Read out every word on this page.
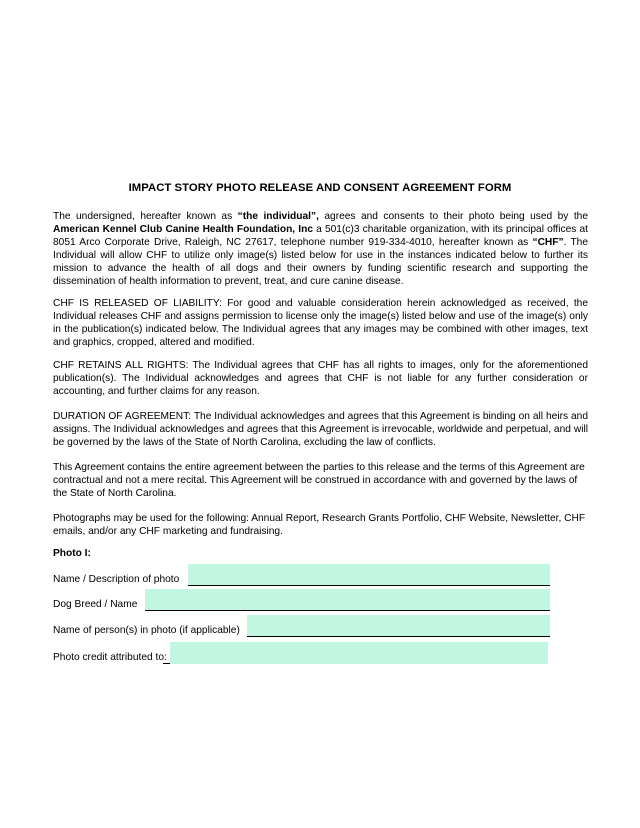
IMPACT STORY PHOTO RELEASE AND CONSENT AGREEMENT FORM

The undersigned, hereafter known as “the individual”, agrees and consents to their photo being used by the American Kennel Club Canine Health Foundation, Inc a 501(c)3 charitable organization, with its principal offices at 8051 Arco Corporate Drive, Raleigh, NC 27617, telephone number 919-334-4010, hereafter known as “CHF”. The Individual will allow CHF to utilize only image(s) listed below for use in the instances indicated below to further its mission to advance the health of all dogs and their owners by funding scientific research and supporting the dissemination of health information to prevent, treat, and cure canine disease.

CHF IS RELEASED OF LIABILITY: For good and valuable consideration herein acknowledged as received, the Individual releases CHF and assigns permission to license only the image(s) listed below and use of the image(s) only in the publication(s) indicated below. The Individual agrees that any images may be combined with other images, text and graphics, cropped, altered and modified.

CHF RETAINS ALL RIGHTS: The Individual agrees that CHF has all rights to images, only for the aforementioned publication(s). The Individual acknowledges and agrees that CHF is not liable for any further consideration or accounting, and further claims for any reason.

DURATION OF AGREEMENT: The Individual acknowledges and agrees that this Agreement is binding on all heirs and assigns. The Individual acknowledges and agrees that this Agreement is irrevocable, worldwide and perpetual, and will be governed by the laws of the State of North Carolina, excluding the law of conflicts.

This Agreement contains the entire agreement between the parties to this release and the terms of this Agreement are contractual and not a mere recital. This Agreement will be construed in accordance with and governed by the laws of the State of North Carolina.

Photographs may be used for the following: Annual Report, Research Grants Portfolio, CHF Website, Newsletter, CHF emails, and/or any CHF marketing and fundraising.

Photo I:
Name / Description of photo
Dog Breed / Name
Name of person(s) in photo (if applicable)
Photo credit attributed to:
